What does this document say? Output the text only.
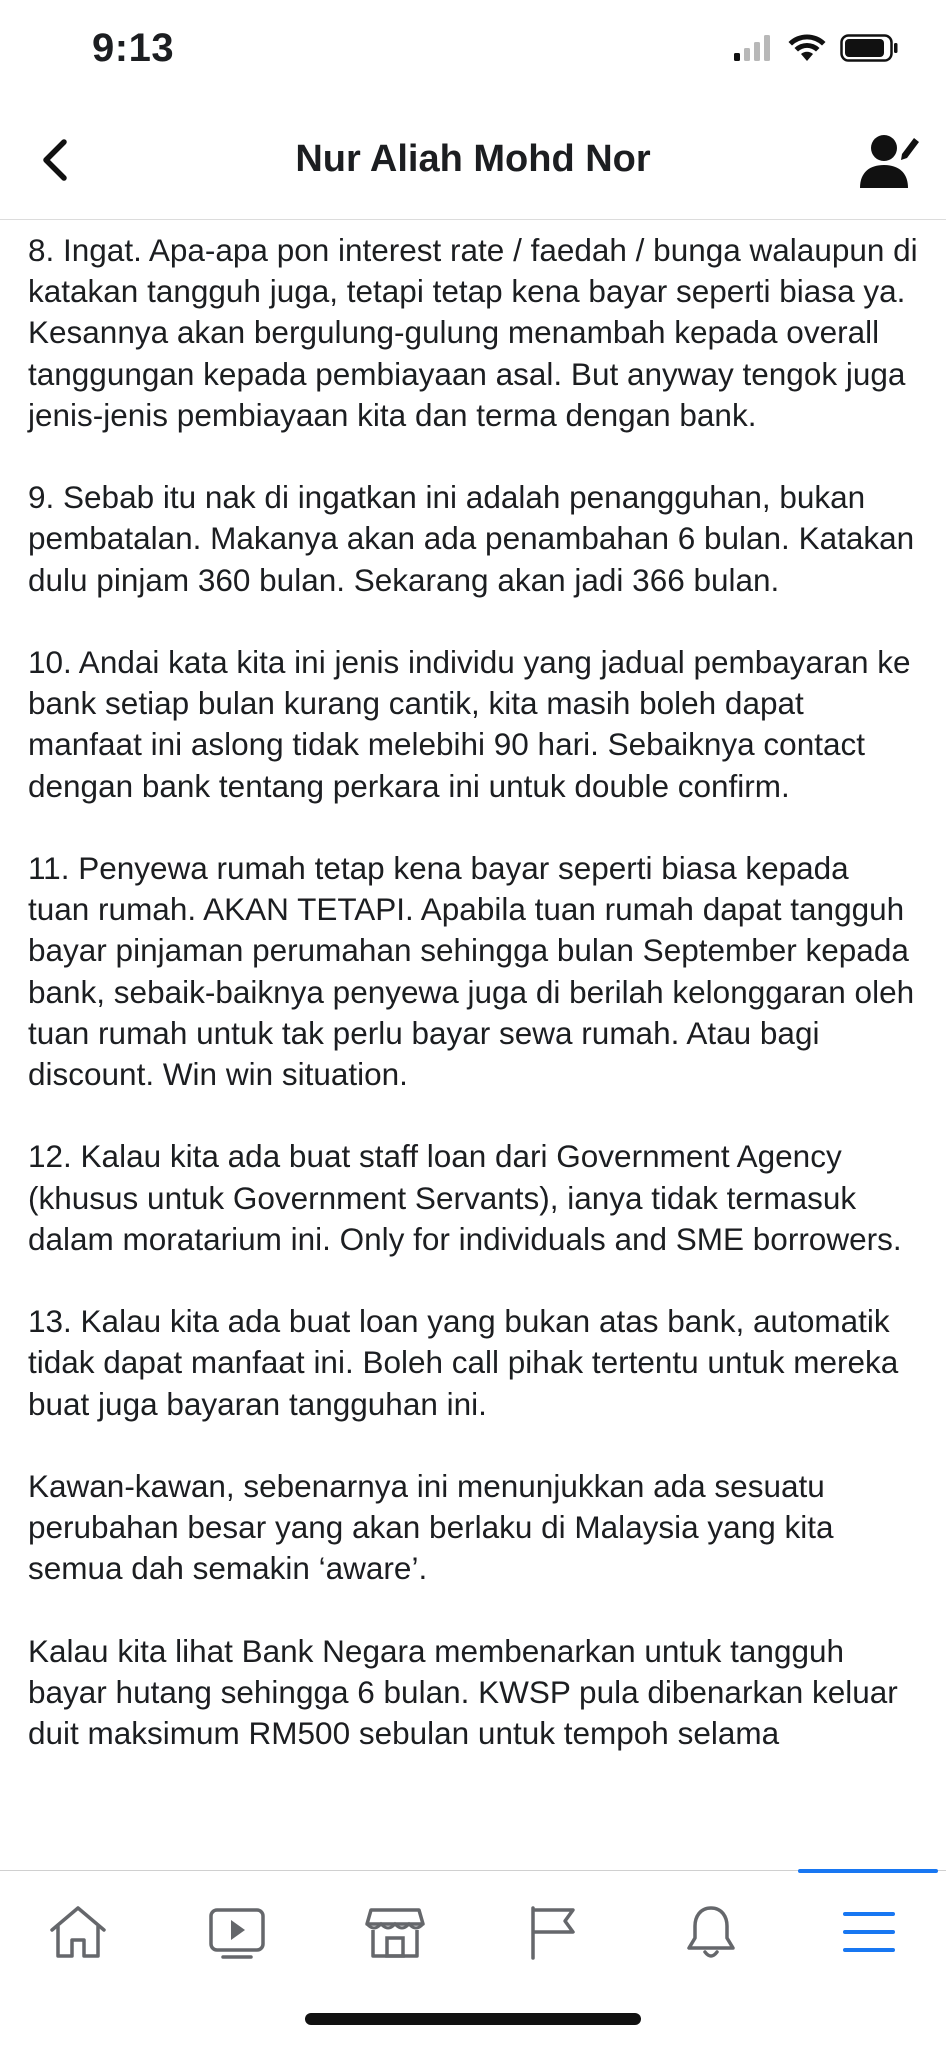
9:13
Nur Aliah Mohd Nor

8. Ingat. Apa-apa pon interest rate / faedah / bunga walaupun di katakan tangguh juga, tetapi tetap kena bayar seperti biasa ya. Kesannya akan bergulung-gulung menambah kepada overall tanggungan kepada pembiayaan asal. But anyway tengok juga jenis-jenis pembiayaan kita dan terma dengan bank.

9. Sebab itu nak di ingatkan ini adalah penangguhan, bukan pembatalan. Makanya akan ada penambahan 6 bulan. Katakan dulu pinjam 360 bulan. Sekarang akan jadi 366 bulan.

10. Andai kata kita ini jenis individu yang jadual pembayaran ke bank setiap bulan kurang cantik, kita masih boleh dapat manfaat ini aslong tidak melebihi 90 hari. Sebaiknya contact dengan bank tentang perkara ini untuk double confirm.

11. Penyewa rumah tetap kena bayar seperti biasa kepada tuan rumah. AKAN TETAPI. Apabila tuan rumah dapat tangguh bayar pinjaman perumahan sehingga bulan September kepada bank, sebaik-baiknya penyewa juga di berilah kelonggaran oleh tuan rumah untuk tak perlu bayar sewa rumah. Atau bagi discount. Win win situation.

12. Kalau kita ada buat staff loan dari Government Agency (khusus untuk Government Servants), ianya tidak termasuk dalam moratarium ini. Only for individuals and SME borrowers.

13. Kalau kita ada buat loan yang bukan atas bank, automatik tidak dapat manfaat ini. Boleh call pihak tertentu untuk mereka buat juga bayaran tangguhan ini.

Kawan-kawan, sebenarnya ini menunjukkan ada sesuatu perubahan besar yang akan berlaku di Malaysia yang kita semua dah semakin ‘aware’.

Kalau kita lihat Bank Negara membenarkan untuk tangguh bayar hutang sehingga 6 bulan. KWSP pula dibenarkan keluar duit maksimum RM500 sebulan untuk tempoh selama
